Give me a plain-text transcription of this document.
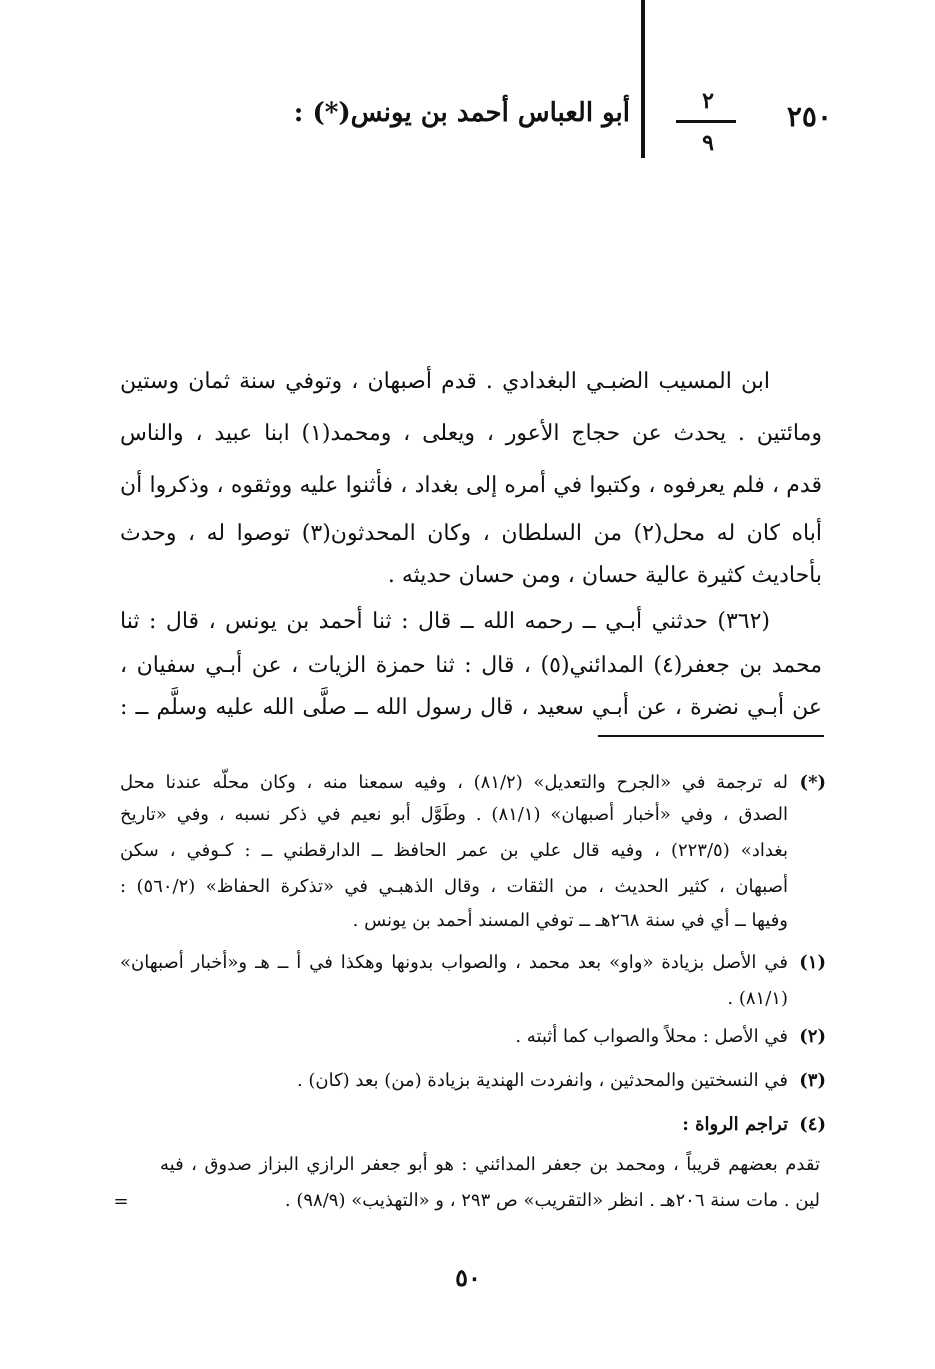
٢٥٠
٢
٩
أبو العباس أحمد بن يونس(*) :
ابن المسيب الضبـي البغدادي . قدم أصبهان ، وتوفي سنة ثمان وستين
ومائتين . يحدث عن حجاج الأعور ، ويعلى ، ومحمد(١) ابنا عبيد ، والناس
قدم ، فلم يعرفوه ، وكتبوا في أمره إلى بغداد ، فأثنوا عليه ووثقوه ، وذكروا أن
أباه كان له محل(٢) من السلطان ، وكان المحدثون(٣) توصوا له ، وحدث
بأحاديث كثيرة عالية حسان ، ومن حسان حديثه .
(٣٦٢) حدثني أبـي ــ رحمه الله ــ قال : ثنا أحمد بن يونس ، قال : ثنا
محمد بن جعفر(٤) المدائني(٥) ، قال : ثنا حمزة الزيات ، عن أبـي سفيان ،
عن أبـي نضرة ، عن أبـي سعيد ، قال رسول الله ــ صلَّى الله عليه وسلَّم ــ :
(*)
له ترجمة في «الجرح والتعديل» (٨١/٢) ، وفيه سمعنا منه ، وكان محلّه عندنا محل
الصدق ، وفي «أخبار أصبهان» (٨١/١) . وطَوَّل أبو نعيم في ذكر نسبه ، وفي «تاريخ
بغداد» (٢٢٣/٥) ، وفيه قال علي بن عمر الحافظ ــ الدارقطني ــ : كـوفي ، سكن
أصبهان ، كثير الحديث ، من الثقات ، وقال الذهبـي في «تذكرة الحفاظ» (٥٦٠/٢) :
وفيها ــ أي في سنة ٢٦٨هـ ــ توفي المسند أحمد بن يونس .
(١)
في الأصل بزيادة «واو» بعد محمد ، والصواب بدونها وهكذا في أ ــ هـ و«أخبار أصبهان»
(٨١/١) .
(٢)
في الأصل : محلاً والصواب كما أثبته .
(٣)
في النسختين والمحدثين ، وانفردت الهندية بزيادة (من) بعد (كان) .
(٤)
تراجم الرواة :
تقدم بعضهم قريباً ، ومحمد بن جعفر المدائني : هو أبو جعفر الرازي البزاز صدوق ، فيه
لين . مات سنة ٢٠٦هـ . انظر «التقريب» ص ٢٩٣ ، و «التهذيب» (٩٨/٩) .
=
٥٠
